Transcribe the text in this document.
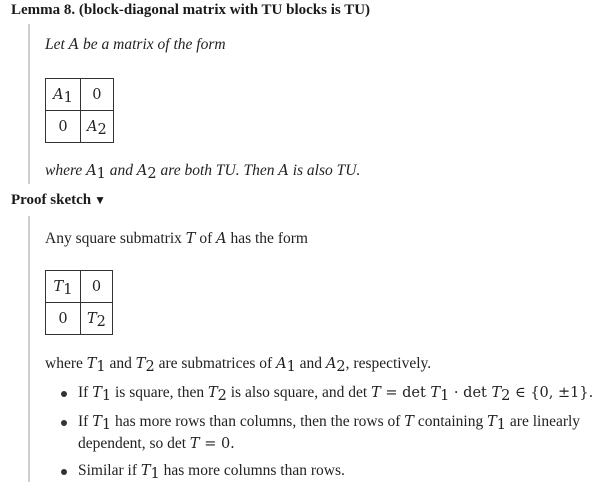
Lemma 8. (block-diagonal matrix with TU blocks is TU)
Let A be a matrix of the form
$A_1$	0
0	$A_2$
where $A_1$ and $A_2$ are both TU. Then A is also TU.
Proof sketch ▼
Any square submatrix T of A has the form
$T_1$	0
0	$T_2$
where $T_1$ and $T_2$ are submatrices of $A_1$ and $A_2$, respectively.
If $T_1$ is square, then $T_2$ is also square, and $\det T = \det T_1 \cdot \det T_2$ ∈ {0, ±1}.
If $T_1$ has more rows than columns, then the rows of T containing $T_1$ are linearly
dependent, so det T = 0.
Similar if $T_1$ has more columns than rows.
